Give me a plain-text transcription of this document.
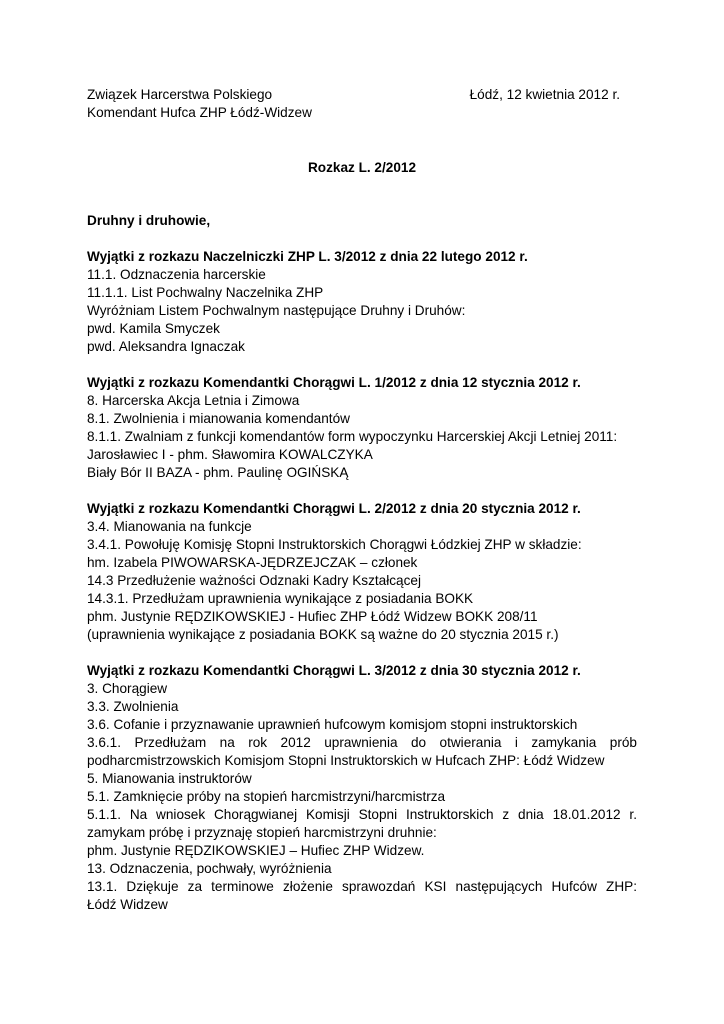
Związek Harcerstwa Polskiego
Komendant Hufca ZHP Łódź-Widzew
Łódź, 12 kwietnia 2012 r.
Rozkaz L. 2/2012
Druhny i druhowie,
Wyjątki z rozkazu Naczelniczki ZHP L. 3/2012 z dnia 22 lutego 2012 r.
11.1. Odznaczenia harcerskie
11.1.1. List Pochwalny Naczelnika ZHP
Wyróżniam Listem Pochwalnym następujące Druhny i Druhów:
pwd. Kamila Smyczek
pwd. Aleksandra Ignaczak
Wyjątki z rozkazu Komendantki Chorągwi L. 1/2012 z dnia 12 stycznia 2012 r.
8. Harcerska Akcja Letnia i Zimowa
8.1. Zwolnienia i mianowania komendantów
8.1.1. Zwalniam z funkcji komendantów form wypoczynku Harcerskiej Akcji Letniej 2011:
Jarosławiec I - phm. Sławomira KOWALCZYKA
Biały Bór II BAZA - phm. Paulinę OGIŃSKĄ
Wyjątki z rozkazu Komendantki Chorągwi L. 2/2012 z dnia 20 stycznia 2012 r.
3.4. Mianowania na funkcje
3.4.1. Powołuję Komisję Stopni Instruktorskich Chorągwi Łódzkiej ZHP w składzie:
hm. Izabela PIWOWARSKA-JĘDRZEJCZAK – członek
14.3 Przedłużenie ważności Odznaki Kadry Kształcącej
14.3.1. Przedłużam uprawnienia wynikające z posiadania BOKK
phm. Justynie RĘDZIKOWSKIEJ - Hufiec ZHP Łódź Widzew BOKK 208/11
(uprawnienia wynikające z posiadania BOKK są ważne do 20 stycznia 2015 r.)
Wyjątki z rozkazu Komendantki Chorągwi L. 3/2012 z dnia 30 stycznia 2012 r.
3. Chorągiew
3.3. Zwolnienia
3.6. Cofanie i przyznawanie uprawnień hufcowym komisjom stopni instruktorskich
3.6.1. Przedłużam na rok 2012 uprawnienia do otwierania i zamykania prób
podharcmistrzowskich Komisjom Stopni Instruktorskich w Hufcach ZHP: Łódź Widzew
5. Mianowania instruktorów
5.1. Zamknięcie próby na stopień harcmistrzyni/harcmistrza
5.1.1. Na wniosek Chorągwianej Komisji Stopni Instruktorskich z dnia 18.01.2012 r.
zamykam próbę i przyznaję stopień harcmistrzyni druhnie:
phm. Justynie RĘDZIKOWSKIEJ – Hufiec ZHP Widzew.
13. Odznaczenia, pochwały, wyróżnienia
13.1. Dziękuje za terminowe złożenie sprawozdań KSI następujących Hufców ZHP:
Łódź Widzew
